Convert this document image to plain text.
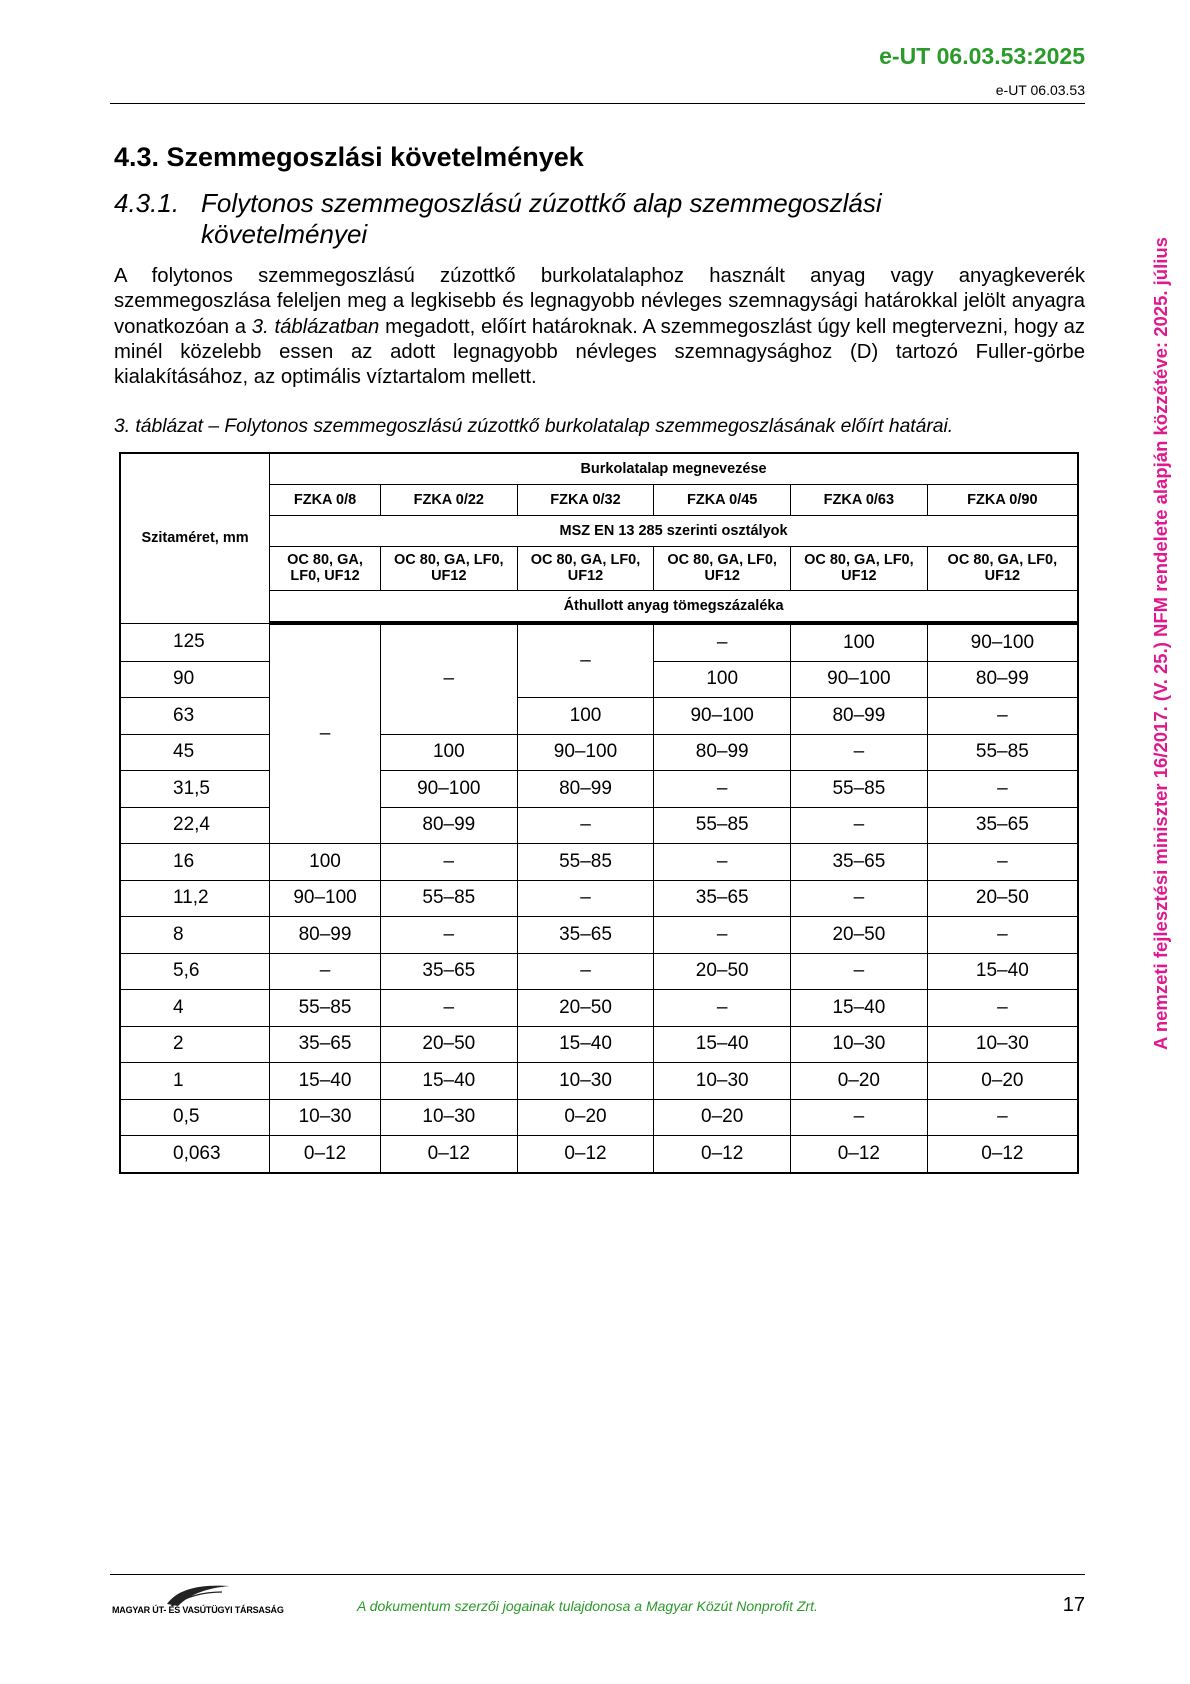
e-UT 06.03.53:2025
e-UT 06.03.53
4.3. Szemmegoszlási követelmények
4.3.1. Folytonos szemmegoszlású zúzottkő alap szemmegoszlási
követelményei
A folytonos szemmegoszlású zúzottkő burkolatalaphoz használt anyag vagy anyagkeverék szemmegoszlása feleljen meg a legkisebb és legnagyobb névleges szemnagysági határokkal jelölt anyagra vonatkozóan a 3. táblázatban megadott, előírt határoknak. A szemmegoszlást úgy kell megtervezni, hogy az minél közelebb essen az adott legnagyobb névleges szemnagysághoz (D) tartozó Fuller-görbe kialakításához, az optimális víztartalom mellett.
3. táblázat – Folytonos szemmegoszlású zúzottkő burkolatalap szemmegoszlásának előírt határai.
Szitaméret, mm	Burkolatalap megnevezése					
	FZKA 0/8	FZKA 0/22	FZKA 0/32	FZKA 0/45	FZKA 0/63	FZKA 0/90
	MSZ EN 13 285 szerinti osztályok					
	OC 80, GA, LF0, UF12	OC 80, GA, LF0, UF12	OC 80, GA, LF0, UF12	OC 80, GA, LF0, UF12	OC 80, GA, LF0, UF12	OC 80, GA, LF0, UF12
	Áthullott anyag tömegszázaléka					
125	–	–	–	–	100	90–100
90				100	90–100	80–99
63			100	90–100	80–99	–
45		100	90–100	80–99	–	55–85
31,5		90–100	80–99	–	55–85	–
22,4		80–99	–	55–85	–	35–65
16	100	–	55–85	–	35–65	–
11,2	90–100	55–85	–	35–65	–	20–50
8	80–99	–	35–65	–	20–50	–
5,6	–	35–65	–	20–50	–	15–40
4	55–85	–	20–50	–	15–40	–
2	35–65	20–50	15–40	15–40	10–30	10–30
1	15–40	15–40	10–30	10–30	0–20	0–20
0,5	10–30	10–30	0–20	0–20	–	–
0,063	0–12	0–12	0–12	0–12	0–12	0–12
MAGYAR ÚT- ÉS VASÚTÜGYI TÁRSASÁG	A dokumentum szerzői jogainak tulajdonosa a Magyar Közút Nonprofit Zrt.	17
A nemzeti fejlesztési miniszter 16/2017. (V. 25.) NFM rendelete alapján közzétéve: 2025. július
